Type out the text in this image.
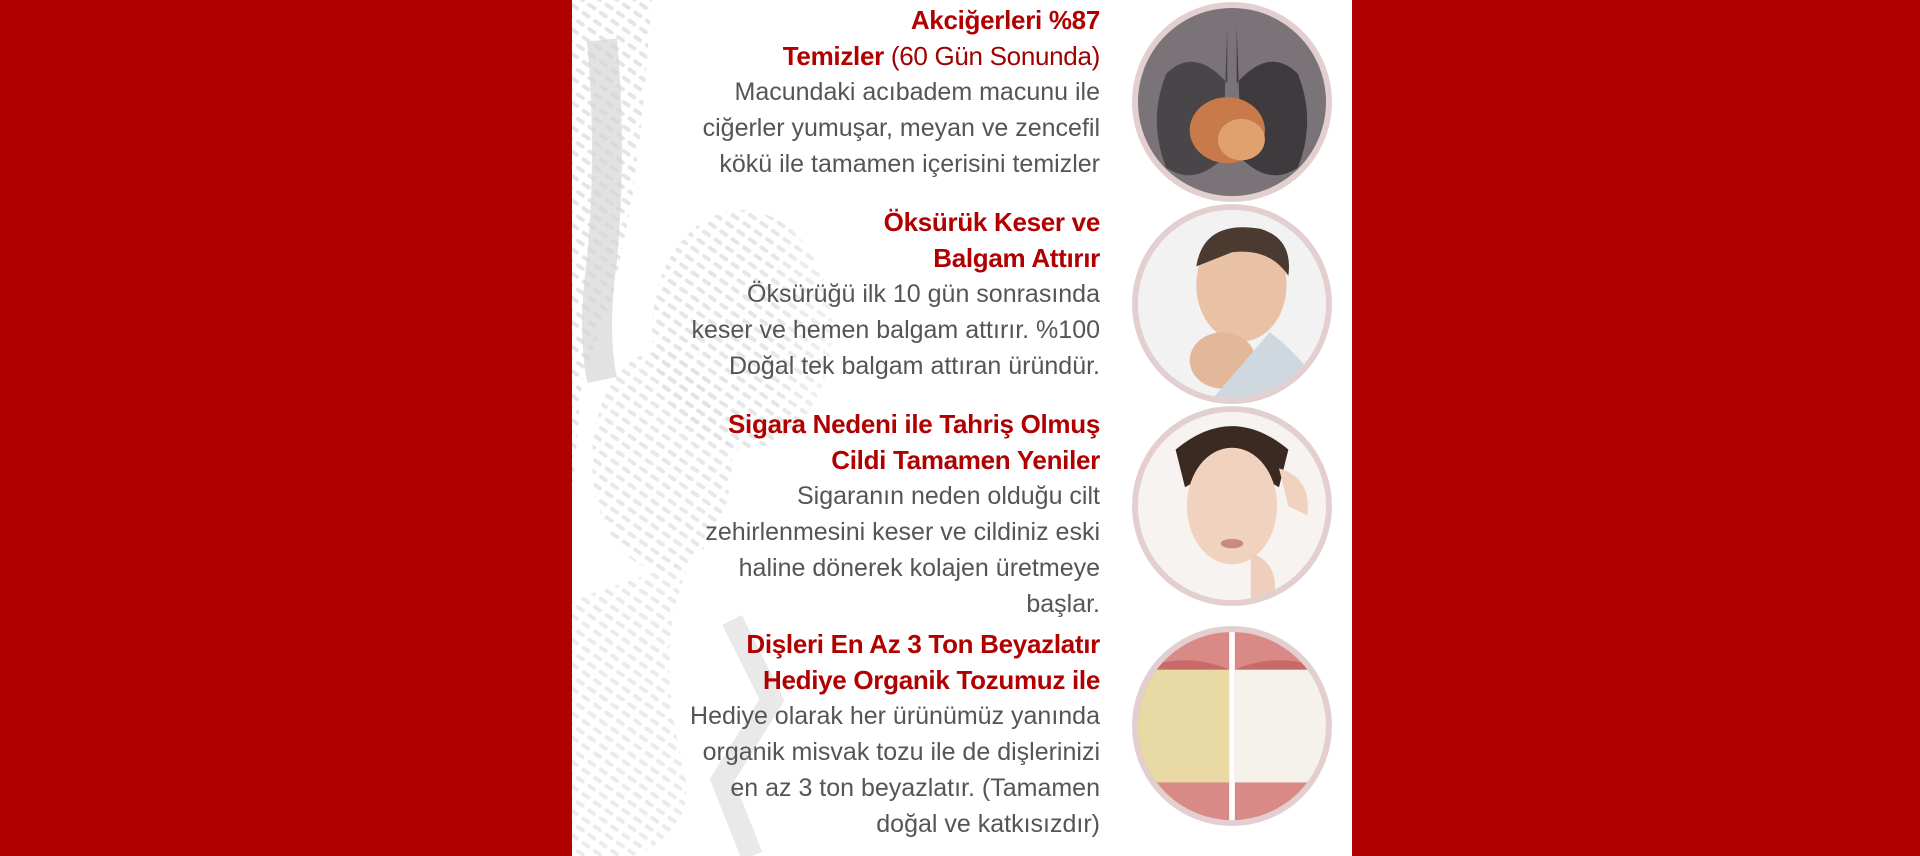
Akciğerleri %87
Temizler (60 Gün Sonunda)

Macundaki acıbadem macunu ile ciğerler yumuşar, meyan ve zencefil kökü ile tamamen içerisini temizler

Öksürük Keser ve
Balgam Attırır

Öksürüğü ilk 10 gün sonrasında keser ve hemen balgam attırır. %100 Doğal tek balgam attıran üründür.

Sigara Nedeni ile Tahriş Olmuş
Cildi Tamamen Yeniler

Sigaranın neden olduğu cilt zehirlenmesini keser ve cildiniz eski haline dönerek kolajen üretmeye başlar.

Dişleri En Az 3 Ton Beyazlatır
Hediye Organik Tozumuz ile

Hediye olarak her ürünümüz yanında organik misvak tozu ile de dişlerinizi en az 3 ton beyazlatır. (Tamamen doğal ve katkısızdır)
